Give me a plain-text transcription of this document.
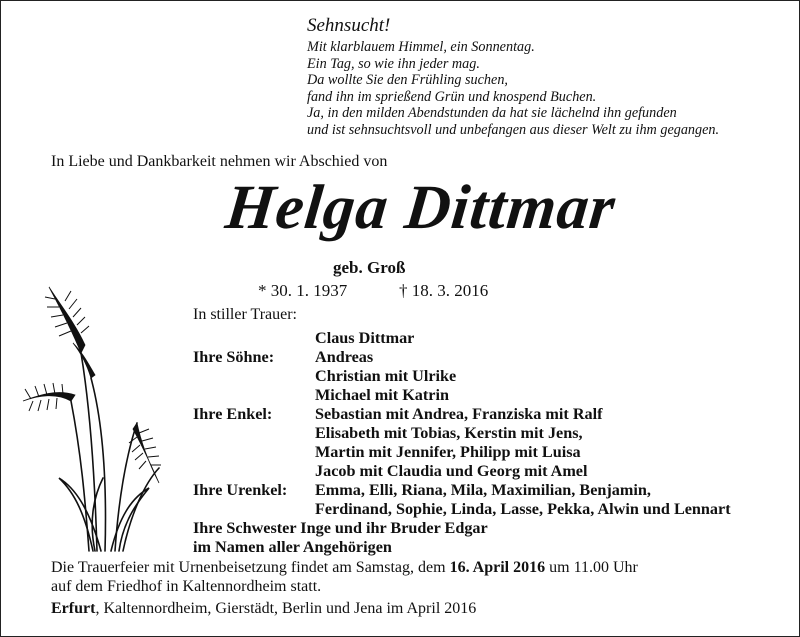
Sehnsucht!
Mit klarblauem Himmel, ein Sonnentag.
Ein Tag, so wie ihn jeder mag.
Da wollte Sie den Frühling suchen,
fand ihn im sprießend Grün und knospend Buchen.
Ja, in den milden Abendstunden da hat sie lächelnd ihn gefunden
und ist sehnsuchtsvoll und unbefangen aus dieser Welt zu ihm gegangen.
In Liebe und Dankbarkeit nehmen wir Abschied von
Helga Dittmar
geb. Groß
* 30. 1. 1937	† 18. 3. 2016
In stiller Trauer:
Claus Dittmar
Ihre Söhne:	Andreas
Christian mit Ulrike
Michael mit Katrin
Ihre Enkel:	Sebastian mit Andrea, Franziska mit Ralf
Elisabeth mit Tobias, Kerstin mit Jens,
Martin mit Jennifer, Philipp mit Luisa
Jacob mit Claudia und Georg mit Amel
Ihre Urenkel: Emma, Elli, Riana, Mila, Maximilian, Benjamin,
Ferdinand, Sophie, Linda, Lasse, Pekka, Alwin und Lennart
Ihre Schwester Inge und ihr Bruder Edgar
im Namen aller Angehörigen
Die Trauerfeier mit Urnenbeisetzung findet am Samstag, dem 16. April 2016 um 11.00 Uhr
auf dem Friedhof in Kaltennordheim statt.
Erfurt, Kaltennordheim, Gierstädt, Berlin und Jena im April 2016
